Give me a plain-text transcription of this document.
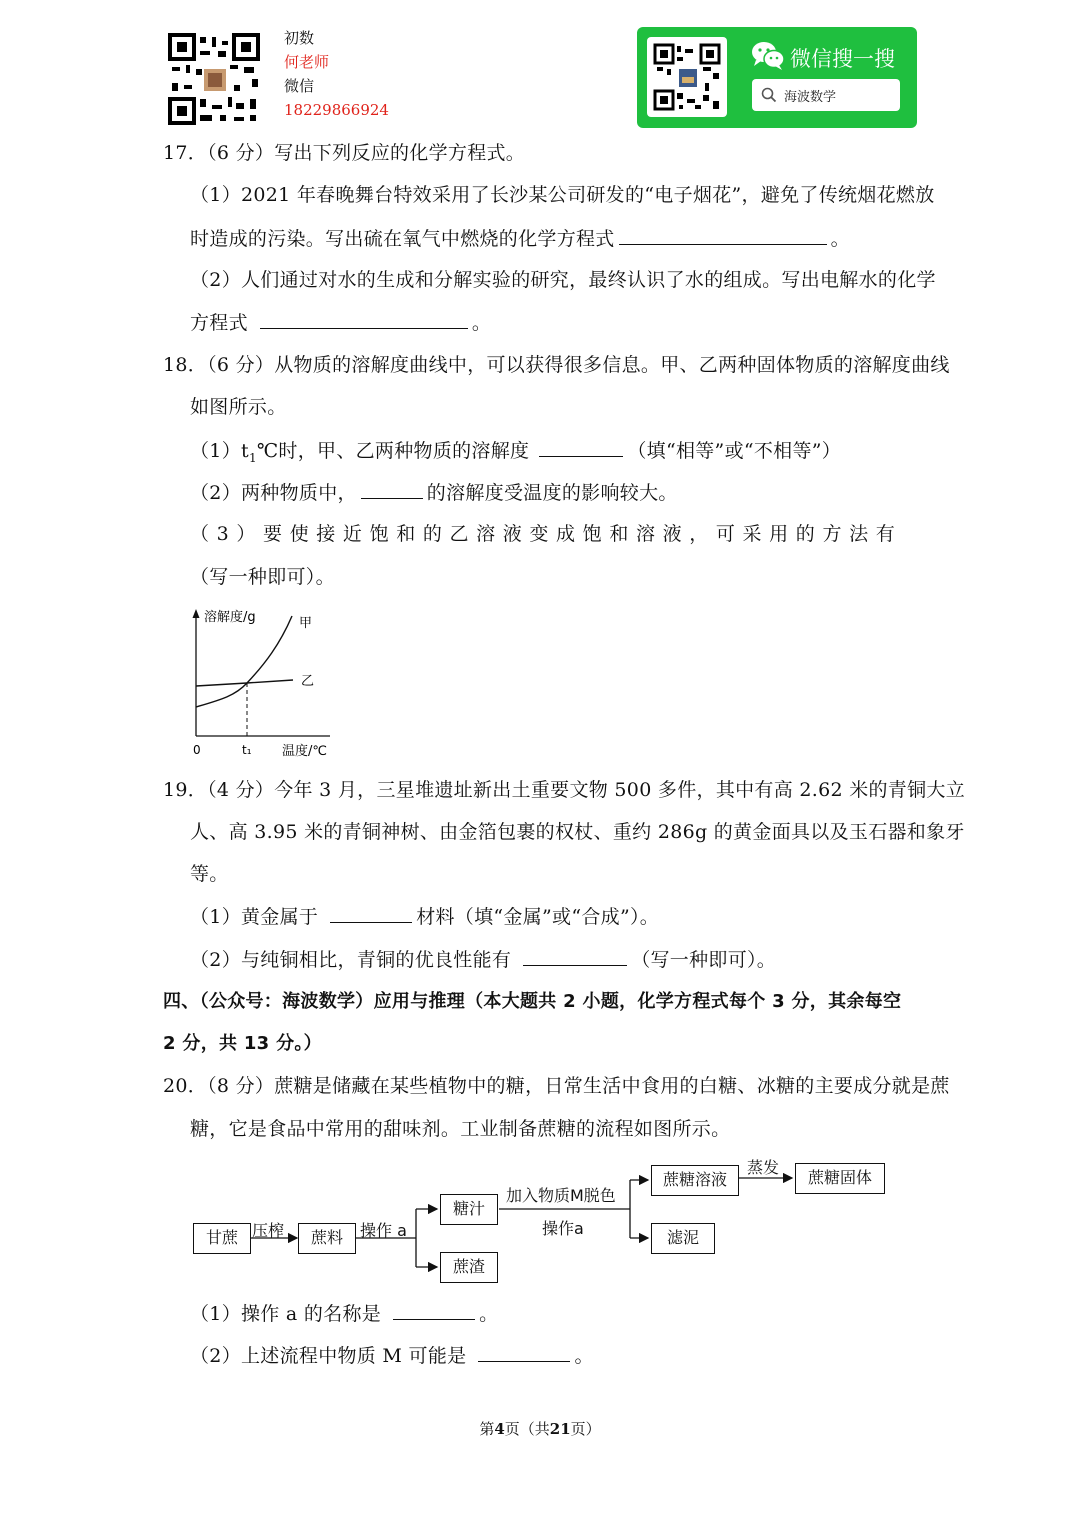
初数
何老师
微信
18229866924
微信搜一搜
海波数学
17．（6 分）写出下列反应的化学方程式。
（1）2021 年春晚舞台特效采用了长沙某公司研发的“电子烟花”，避免了传统烟花燃放
时造成的污染。写出硫在氧气中燃烧的化学方程式	。
（2）人们通过对水的生成和分解实验的研究，最终认识了水的组成。写出电解水的化学
方程式	。
18．（6 分）从物质的溶解度曲线中，可以获得很多信息。甲、乙两种固体物质的溶解度曲线
如图所示。
$(1)t_1℃$时，甲、乙两种物质的溶解度	（填“相等”或“不相等”）
（2）两种物质中，	的溶解度受温度的影响较大。
（ 3 ） 要 使 接 近 饱 和 的 乙 溶 液 变 成 饱 和 溶 液 ， 可 采 用 的 方 法 有
（写一种即可）。
溶解度/g	甲
乙
0	t₁ 温度/℃
19．（4 分）今年 3 月，三星堆遗址新出土重要文物 500 多件，其中有高 2.62 米的青铜大立
人、高 3.95 米的青铜神树、由金箔包裹的权杖、重约 286g 的黄金面具以及玉石器和象牙
等。
（1）黄金属于	材料（填“金属”或“合成”）。
（2）与纯铜相比，青铜的优良性能有	（写一种即可）。
四、（公众号：海波数学）应用与推理（本大题共 2 小题，化学方程式每个 3 分，其余每空
2 分，共 13 分。）
20．（8 分）蔗糖是储藏在某些植物中的糖，日常生活中食用的白糖、冰糖的主要成分就是蔗
糖，它是食品中常用的甜味剂。工业制备蔗糖的流程如图所示。
甘蔗 压榨	蔗料	操作 a
糖汁
蔗渣
加入物质M脱色
操作a
蔗糖溶液
滤泥
蒸发
蔗糖固体
（1）操作 a 的名称是	。
（2）上述流程中物质 M 可能是	。
第4页（共21页）
